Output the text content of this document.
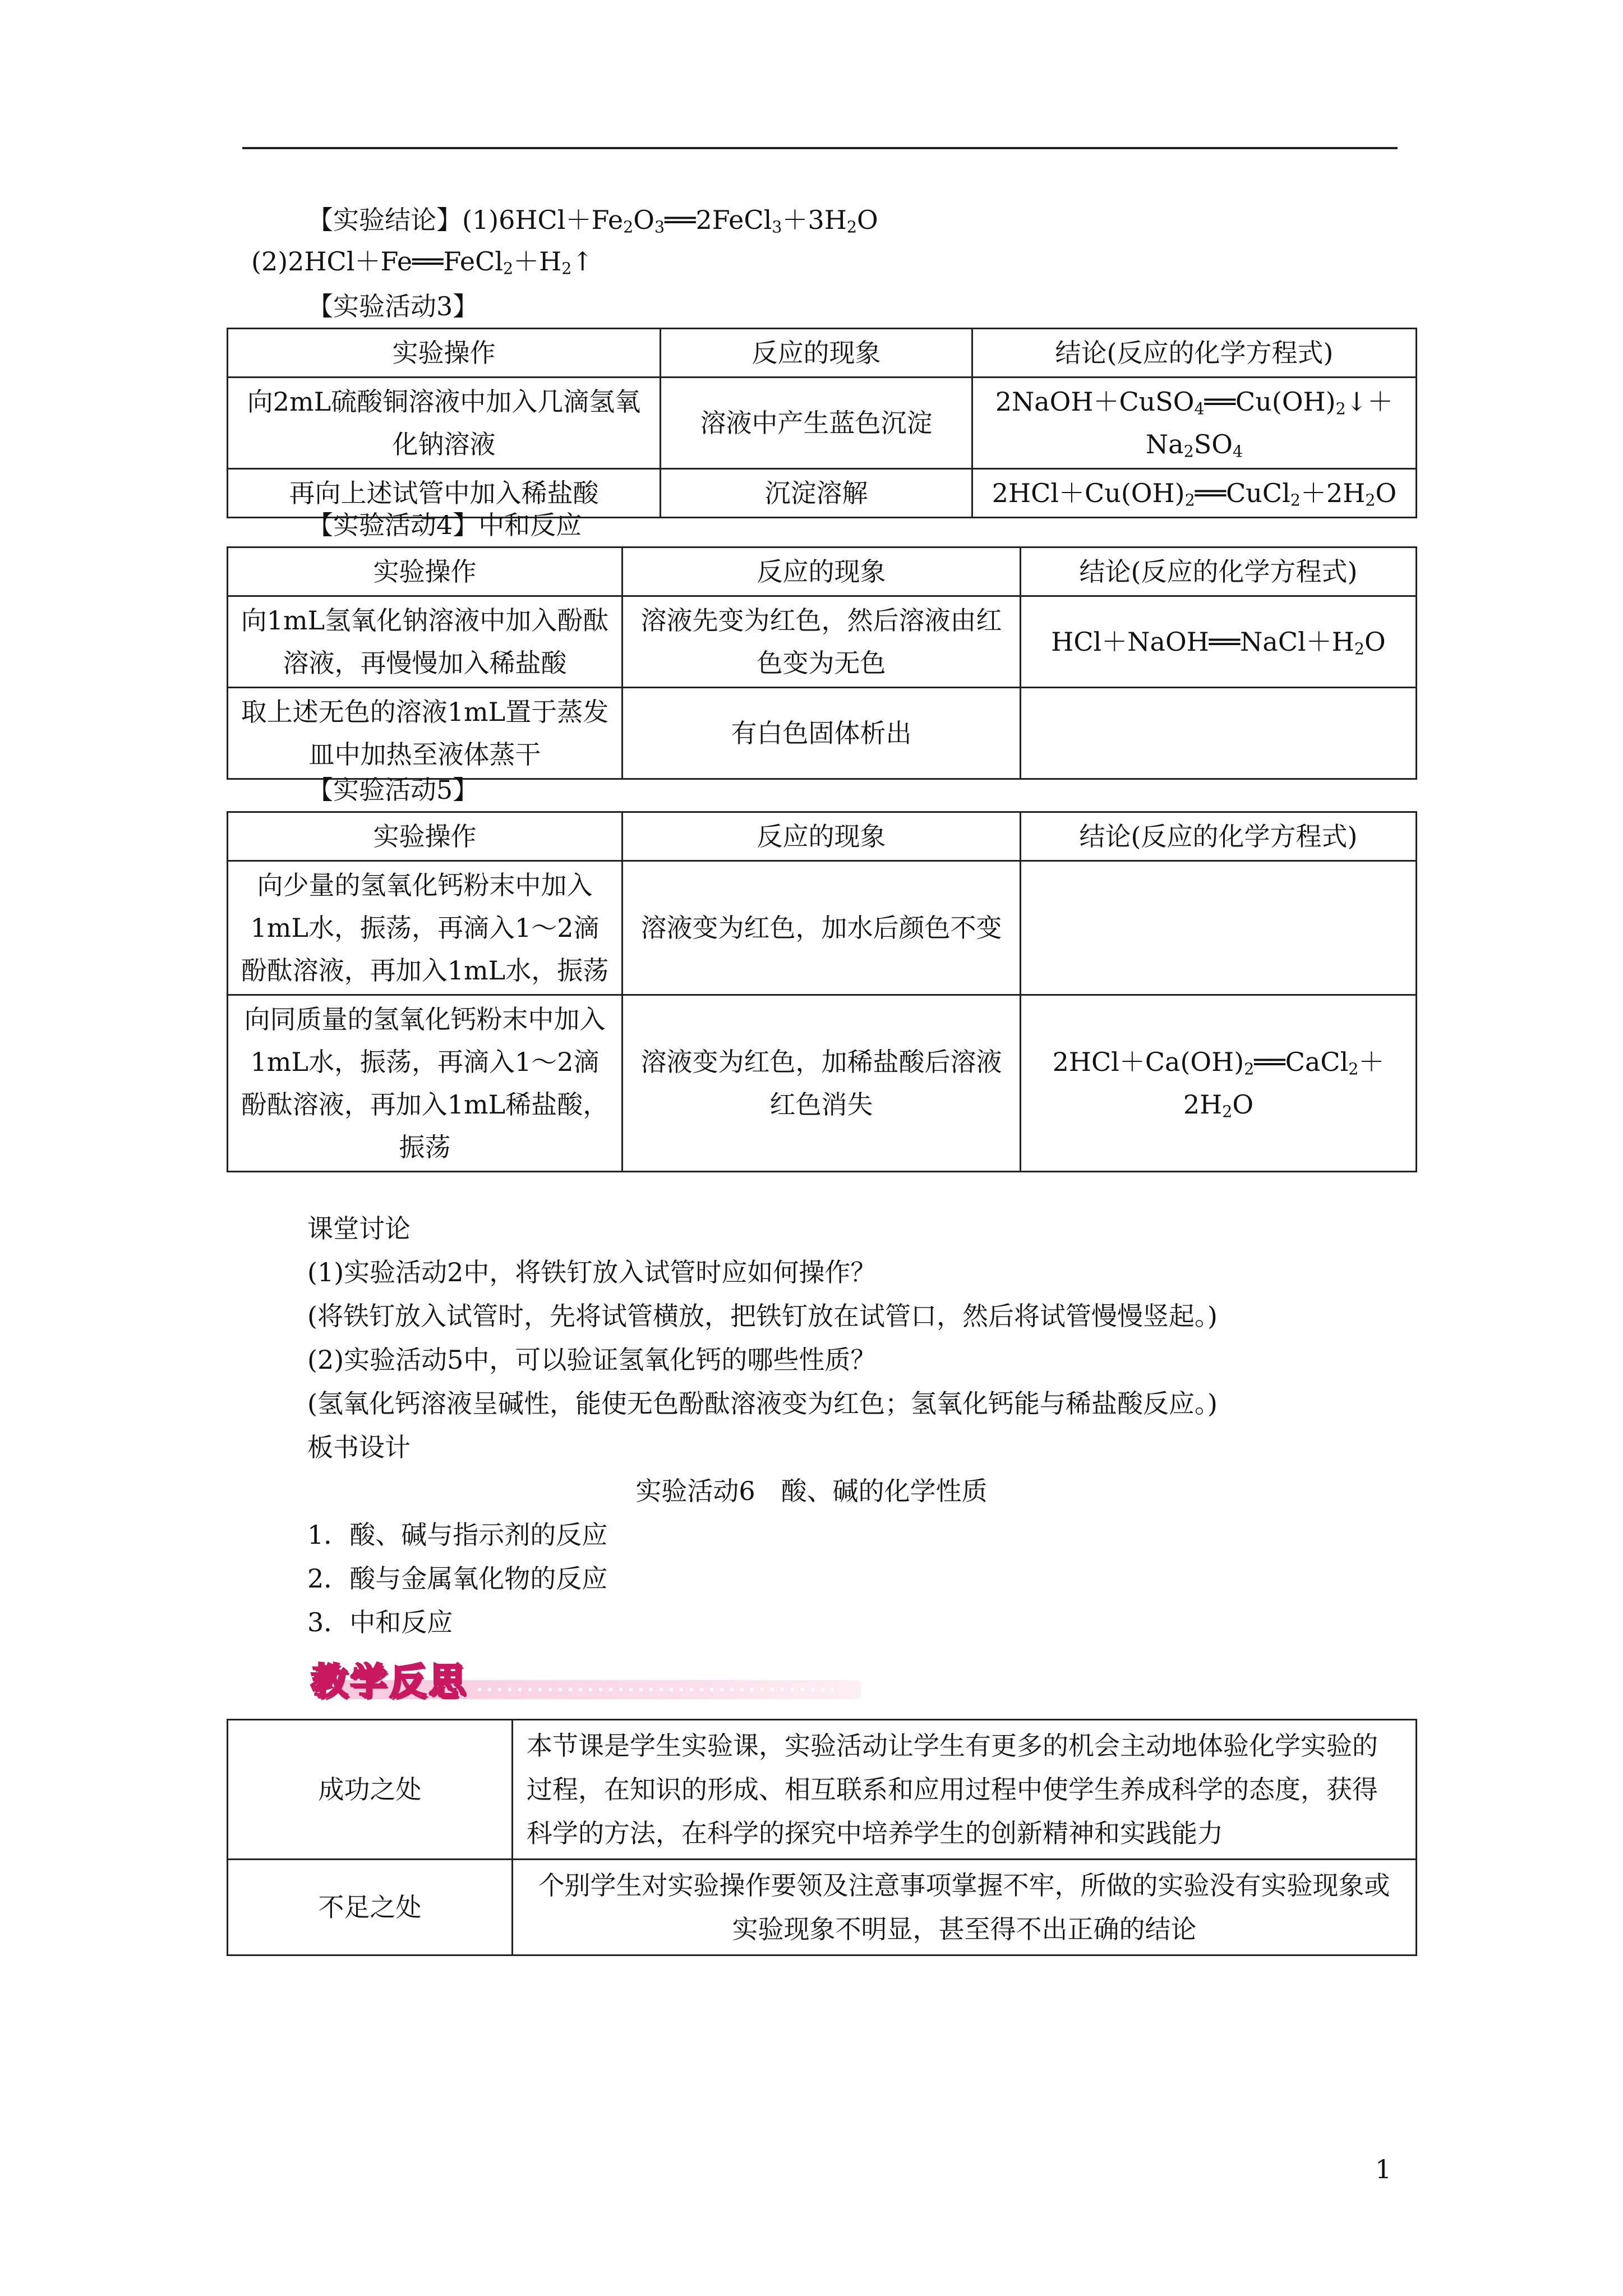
【实验结论】$(1)6HCl+Fe_2O_3══2FeCl_3+3H_2O$
$(2)2HCl+Fe══FeCl_2+H_2↑$
【实验活动3】
实验操作	反应的现象	结论(反应的化学方程式)
向2mL硫酸铜溶液中加入几滴氢氧化钠溶液	溶液中产生蓝色沉淀	$2NaOH+CuSO_4══Cu(OH)_2↓+$
$Na_2SO_4$
再向上述试管中加入稀盐酸	沉淀溶解	$2HCl+Cu(OH)_2══CuCl_2+2H_2O$
【实验活动4】中和反应
实验操作	反应的现象	结论(反应的化学方程式)
向1mL氢氧化钠溶液中加入酚酞溶液，再慢慢加入稀盐酸	溶液先变为红色，然后溶液由红色变为无色	$HCl+NaOH══NaCl+H_2O$
取上述无色的溶液1mL置于蒸发皿中加热至液体蒸干	有白色固体析出	
【实验活动5】
实验操作	反应的现象	结论(反应的化学方程式)
向少量的氢氧化钙粉末中加入1mL水，振荡，再滴入1～2滴酚酞溶液，再加入1mL水，振荡	溶液变为红色，加水后颜色不变	
向同质量的氢氧化钙粉末中加入1mL水，振荡，再滴入1～2滴酚酞溶液，再加入1mL稀盐酸，振荡	溶液变为红色，加稀盐酸后溶液红色消失	$2HCl+Ca(OH)_2══CaCl_2+$
$2H_2O$
课堂讨论
(1)实验活动2中，将铁钉放入试管时应如何操作？
(将铁钉放入试管时，先将试管横放，把铁钉放在试管口，然后将试管慢慢竖起。)
(2)实验活动5中，可以验证氢氧化钙的哪些性质？
(氢氧化钙溶液呈碱性，能使无色酚酞溶液变为红色；氢氧化钙能与稀盐酸反应。)
板书设计
实验活动6　酸、碱的化学性质
1．酸、碱与指示剂的反应
2．酸与金属氧化物的反应
3．中和反应
教学反思
成功之处	本节课是学生实验课，实验活动让学生有更多的机会主动地体验化学实验的过程，在知识的形成、相互联系和应用过程中使学生养成科学的态度，获得科学的方法，在科学的探究中培养学生的创新精神和实践能力
不足之处	个别学生对实验操作要领及注意事项掌握不牢，所做的实验没有实验现象或实验现象不明显，甚至得不出正确的结论
1
